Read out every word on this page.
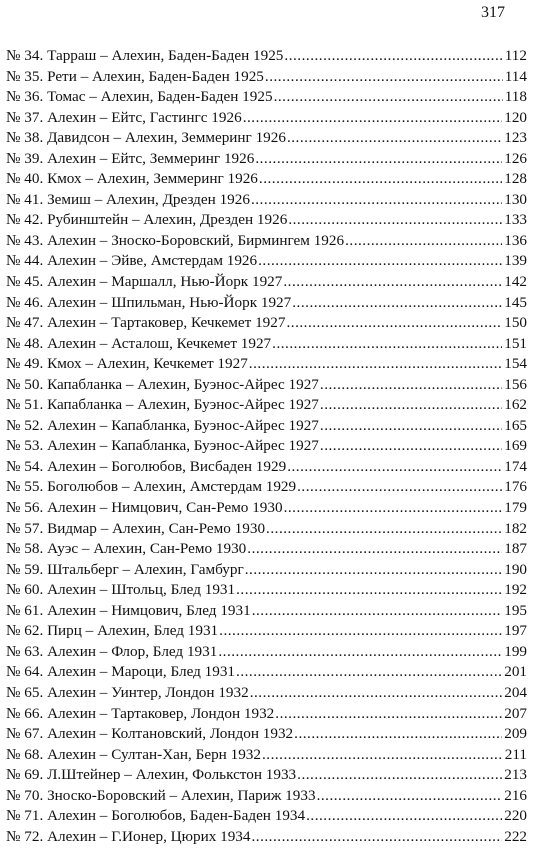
317
№ 34. Тарраш – Алехин, Баден-Баден 1925 .....	112
№ 35. Рети – Алехин, Баден-Баден 1925 .....	114
№ 36. Томас – Алехин, Баден-Баден 1925 .....	118
№ 37. Алехин – Ейтс, Гастингс 1926 .....	120
№ 38. Давидсон – Алехин, Земмеринг 1926 .....	123
№ 39. Алехин – Ейтс, Земмеринг 1926 .....	126
№ 40. Кмох – Алехин, Земмеринг 1926 .....	128
№ 41. Земиш – Алехин, Дрезден 1926 .....	130
№ 42. Рубинштейн – Алехин, Дрезден 1926 .....	133
№ 43. Алехин – Зноско-Боровский, Бирмингем 1926 .....	136
№ 44. Алехин – Эйве, Амстердам 1926 .....	139
№ 45. Алехин – Маршалл, Нью-Йорк 1927 .....	142
№ 46. Алехин – Шпильман, Нью-Йорк 1927 .....	145
№ 47. Алехин – Тартаковер, Кечкемет 1927 .....	150
№ 48. Алехин – Асталош, Кечкемет 1927 .....	151
№ 49. Кмох – Алехин, Кечкемет 1927 .....	154
№ 50. Капабланка – Алехин, Буэнос-Айрес 1927 .....	156
№ 51. Капабланка – Алехин, Буэнос-Айрес 1927 .....	162
№ 52. Алехин – Капабланка, Буэнос-Айрес 1927 .....	165
№ 53. Алехин – Капабланка, Буэнос-Айрес 1927 .....	169
№ 54. Алехин – Боголюбов, Висбаден 1929 .....	174
№ 55. Боголюбов – Алехин, Амстердам 1929 .....	176
№ 56. Алехин – Нимцович, Сан-Ремо 1930 .....	179
№ 57. Видмар – Алехин, Сан-Ремо 1930 .....	182
№ 58. Ауэс – Алехин, Сан-Ремо 1930 .....	187
№ 59. Штальберг – Алехин, Гамбург .....	190
№ 60. Алехин – Штольц, Блед 1931 .....	192
№ 61. Алехин – Нимцович, Блед 1931 .....	195
№ 62. Пирц – Алехин, Блед 1931 .....	197
№ 63. Алехин – Флор, Блед 1931 .....	199
№ 64. Алехин – Мароци, Блед 1931 .....	201
№ 65. Алехин – Уинтер, Лондон 1932 .....	204
№ 66. Алехин – Тартаковер, Лондон 1932 .....	207
№ 67. Алехин – Колтановский, Лондон 1932 .....	209
№ 68. Алехин – Султан-Хан, Берн 1932 .....	211
№ 69. Л.Штейнер – Алехин, Фолькстон 1933 .....	213
№ 70. Зноско-Боровский – Алехин, Париж 1933 .....	216
№ 71. Алехин – Боголюбов, Баден-Баден 1934 .....	220
№ 72. Алехин – Г.Ионер, Цюрих 1934 .....	222
